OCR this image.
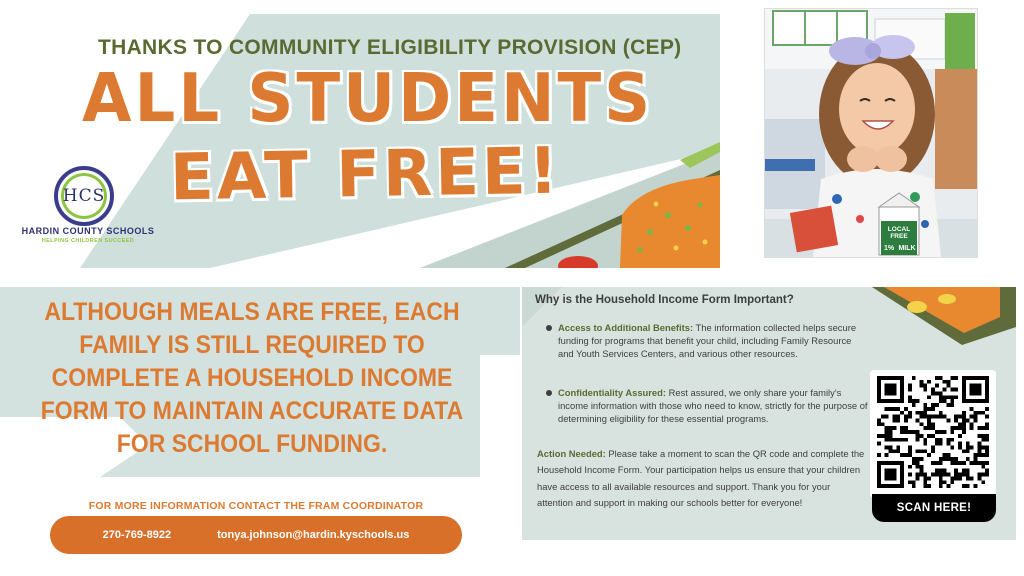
THANKS TO COMMUNITY ELIGIBILITY PROVISION (CEP)
ALL STUDENTS
EAT FREE!
HCS
HARDIN COUNTY SCHOOLS
HELPING CHILDREN SUCCEED
LOCAL
FREE
1% MILK
ALTHOUGH MEALS ARE FREE, EACH FAMILY IS STILL REQUIRED TO COMPLETE A HOUSEHOLD INCOME FORM TO MAINTAIN ACCURATE DATA FOR SCHOOL FUNDING.
FOR MORE INFORMATION CONTACT THE FRAM COORDINATOR
270-769-8922	tonya.johnson@hardin.kyschools.us
Why is the Household Income Form Important?
Access to Additional Benefits: The information collected helps secure funding for programs that benefit your child, including Family Resource and Youth Services Centers, and various other resources.
Confidentiality Assured: Rest assured, we only share your family's income information with those who need to know, strictly for the purpose of determining eligibility for these essential programs.
Action Needed: Please take a moment to scan the QR code and complete the Household Income Form. Your participation helps us ensure that your children have access to all available resources and support. Thank you for your attention and support in making our schools better for everyone!	SCAN HERE!
